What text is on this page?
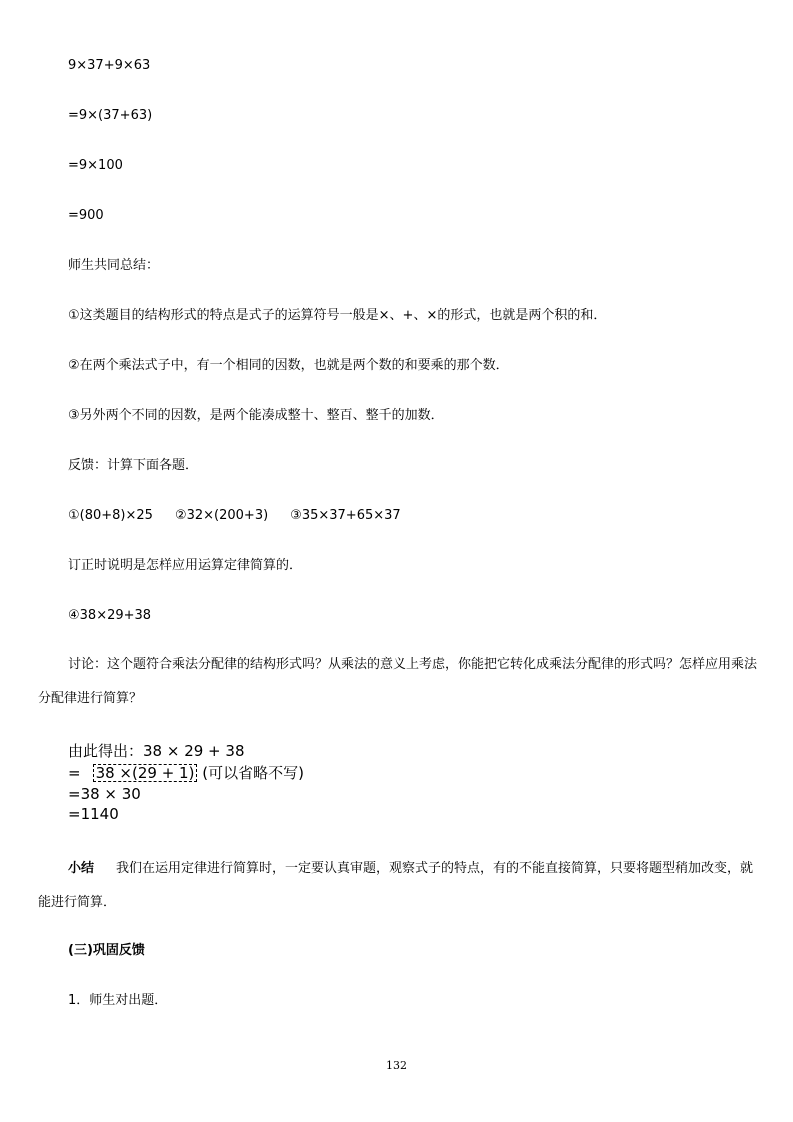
9×37+9×63
=9×(37+63)
=9×100
=900
师生共同总结：
①这类题目的结构形式的特点是式子的运算符号一般是×、+、×的形式，也就是两个积的和．
②在两个乘法式子中，有一个相同的因数，也就是两个数的和要乘的那个数．
③另外两个不同的因数，是两个能凑成整十、整百、整千的加数．
反馈：计算下面各题．
①(80+8)×25 ②32×(200+3) ③35×37+65×37
订正时说明是怎样应用运算定律简算的．
④38×29+38
讨论：这个题符合乘法分配律的结构形式吗？从乘法的意义上考虑，你能把它转化成乘法分配律的形式吗？怎样应用乘法分配律进行简算？
由此得出：38 × 29 + 38
= 38 ×(29 + 1) (可以省略不写)
=38 × 30
=1140
小结 我们在运用定律进行简算时，一定要认真审题，观察式子的特点，有的不能直接简算，只要将题型稍加改变，就能进行简算．
(三)巩固反馈
1．师生对出题．
132
